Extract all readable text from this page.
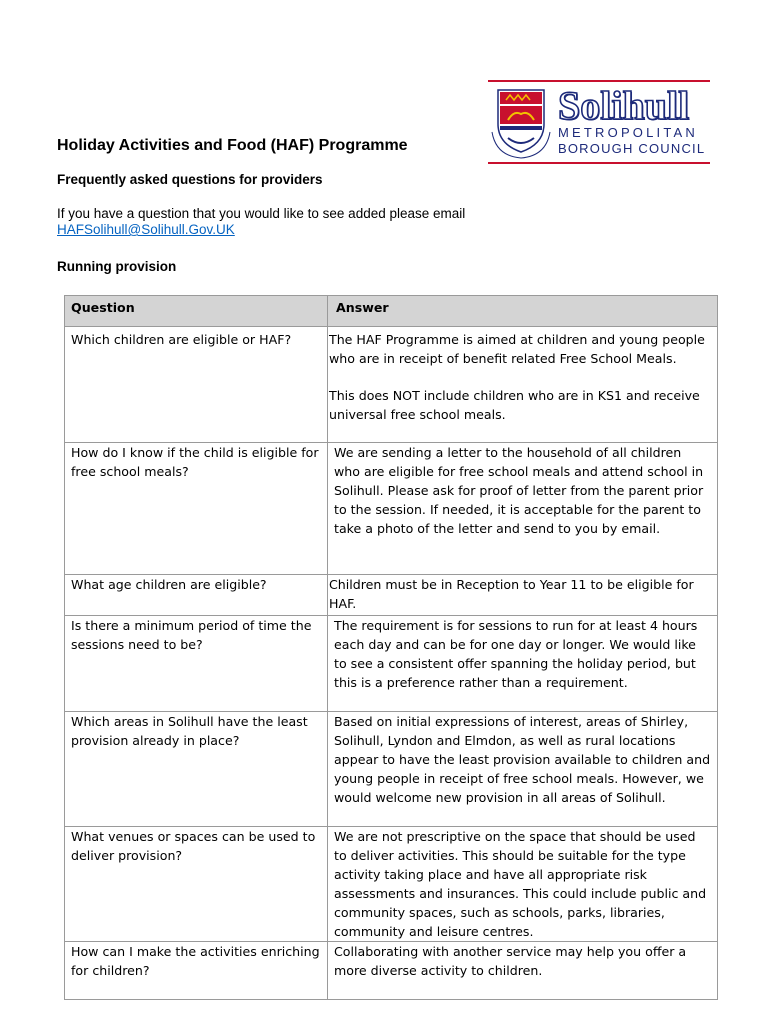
Solihull
METROPOLITAN
BOROUGH COUNCIL
Holiday Activities and Food (HAF) Programme
Frequently asked questions for providers

If you have a question that you would like to see added please email
HAFSolihull@Solihull.Gov.UK

Running provision
Question	Answer
Which children are eligible or HAF?	The HAF Programme is aimed at children and young people who are in receipt of benefit related Free School Meals.

This does NOT include children who are in KS1 and receive universal free school meals.

How do I know if the child is eligible for free school meals?	We are sending a letter to the household of all children who are eligible for free school meals and attend school in Solihull. Please ask for proof of letter from the parent prior to the session. If needed, it is acceptable for the parent to take a photo of the letter and send to you by email.

What age children are eligible?	Children must be in Reception to Year 11 to be eligible for HAF.

Is there a minimum period of time the sessions need to be?	The requirement is for sessions to run for at least 4 hours each day and can be for one day or longer. We would like to see a consistent offer spanning the holiday period, but this is a preference rather than a requirement.

Which areas in Solihull have the least provision already in place?	Based on initial expressions of interest, areas of Shirley, Solihull, Lyndon and Elmdon, as well as rural locations appear to have the least provision available to children and young people in receipt of free school meals. However, we would welcome new provision in all areas of Solihull.

What venues or spaces can be used to deliver provision?	We are not prescriptive on the space that should be used to deliver activities. This should be suitable for the type activity taking place and have all appropriate risk assessments and insurances. This could include public and community spaces, such as schools, parks, libraries, community and leisure centres.

How can I make the activities enriching for children?	Collaborating with another service may help you offer a more diverse activity to children.
